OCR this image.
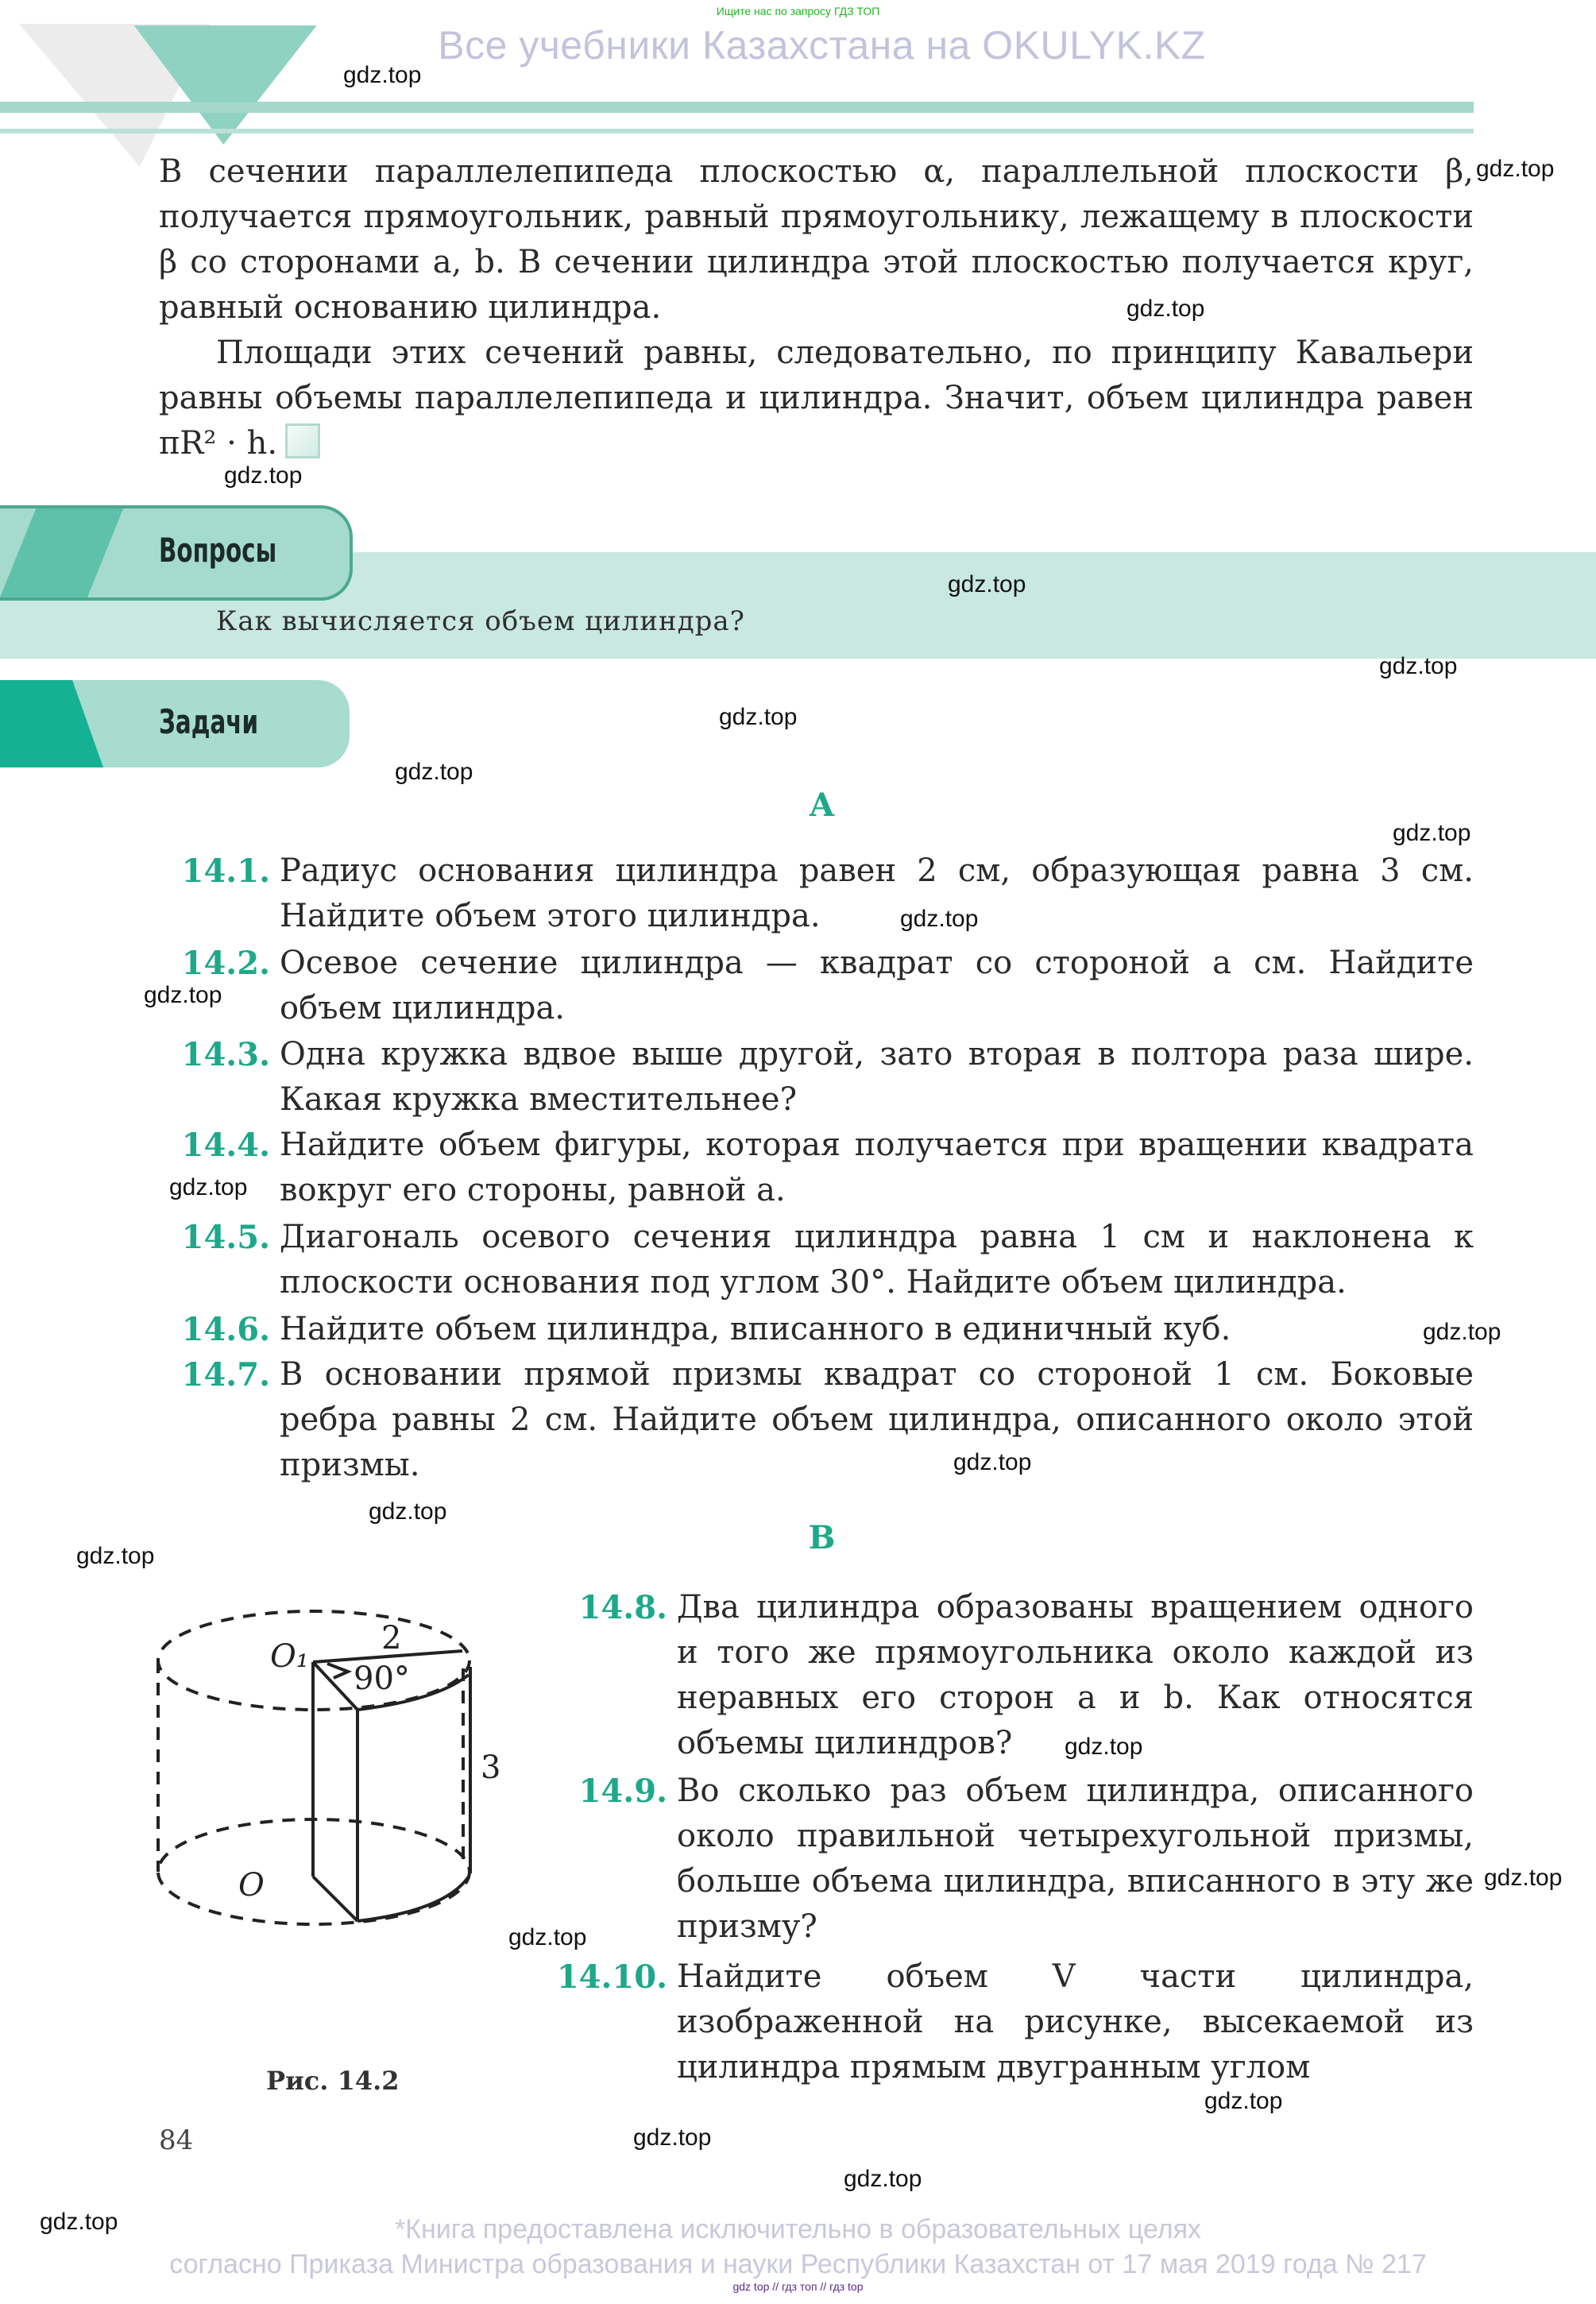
Ищите нас по запросу ГДЗ ТОП
Все учебники Казахстана на OKULYK.KZ

В сечении параллелепипеда плоскостью α, параллельной плоскости β, получается прямоугольник, равный прямоугольнику, лежащему в плоскости β со сторонами a, b. В сечении цилиндра этой плоскостью получается круг, равный основанию цилиндра.

Площади этих сечений равны, следовательно, по принципу Кавальери равны объемы параллелепипеда и цилиндра. Значит, объем цилиндра равен πR² · h.

Вопросы
Как вычисляется объем цилиндра?
Задачи
A
14.1. Радиус основания цилиндра равен 2 см, образующая равна 3 см. Найдите объем этого цилиндра.
14.2. Осевое сечение цилиндра — квадрат со стороной a см. Найдите объем цилиндра.
14.3. Одна кружка вдвое выше другой, зато вторая в полтора раза шире. Какая кружка вместительнее?
14.4. Найдите объем фигуры, которая получается при вращении квадрата вокруг его стороны, равной a.
14.5. Диагональ осевого сечения цилиндра равна 1 см и наклонена к плоскости основания под углом 30°. Найдите объем цилиндра.
14.6. Найдите объем цилиндра, вписанного в единичный куб.
14.7. В основании прямой призмы квадрат со стороной 1 см. Боковые ребра равны 2 см. Найдите объем цилиндра, описанного около этой призмы.
B
14.8. Два цилиндра образованы вращением одного и того же прямоугольника около каждой из неравных его сторон a и b. Как относятся объемы цилиндров?
14.9. Во сколько раз объем цилиндра, описанного около правильной четырехугольной призмы, больше объема цилиндра, вписанного в эту же призму?
14.10. Найдите объем V части цилиндра, изображенной на рисунке, высекаемой из цилиндра прямым двугранным углом
O₁
O
2
3
90°
Рис. 14.2
84
gdz.top
gdz.top
gdz.top
gdz.top
gdz.top
gdz.top
gdz.top
gdz.top
gdz.top
gdz.top
gdz.top
gdz.top
gdz.top
gdz.top
gdz.top
gdz.top
gdz.top
gdz.top
gdz.top
gdz.top
gdz.top
gdz.top
gdz.top	*Книга предоставлена исключительно в образовательных целях
согласно Приказа Министра образования и науки Республики Казахстан от 17 мая 2019 года № 217
gdz top // гдз топ // гдз top
